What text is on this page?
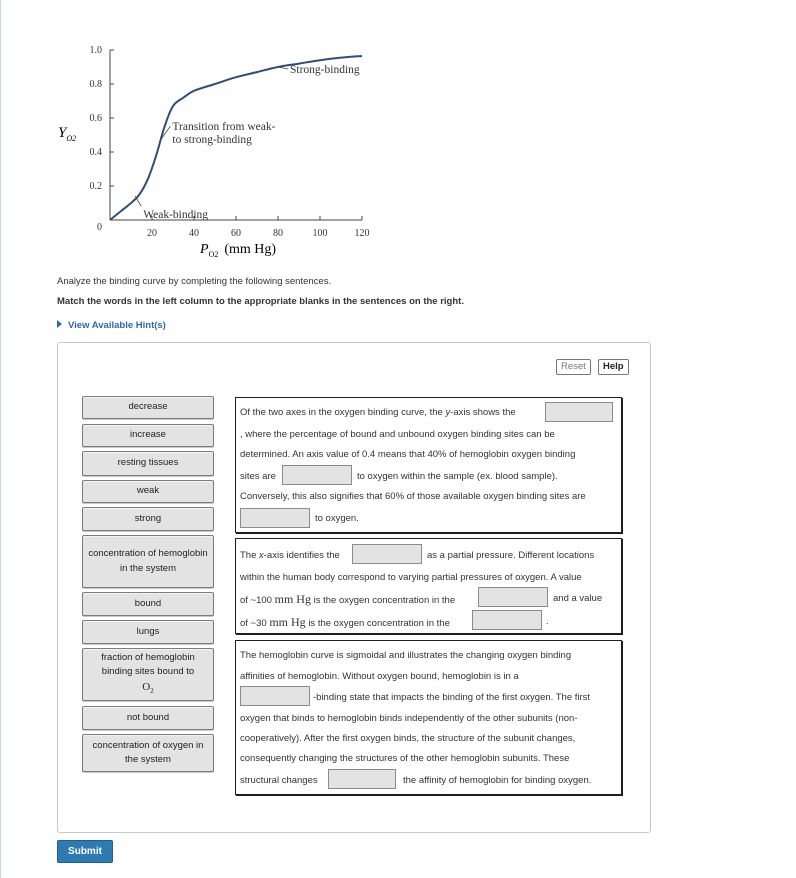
0.2
0.4
0.6
0.8
1.0
20	40	60	80	100	120
0
Strong-binding
Transition from weak-
to strong-binding
Weak-binding
$Y_{O2}$
$P_{O2}$ (mm Hg)
Analyze the binding curve by completing the following sentences.
Match the words in the left column to the appropriate blanks in the sentences on the right.
View Available Hint(s)
Reset	Help
decrease
increase
resting tissues
weak
strong
concentration of hemoglobin in the system
bound
lungs
fraction of hemoglobin binding sites bound to
$O_2$
not bound
concentration of oxygen in the system
Of the two axes in the oxygen binding curve, the y-axis shows the
, where the percentage of bound and unbound oxygen binding sites can be
determined. An axis value of 0.4 means that 40% of hemoglobin oxygen binding
sites are	to oxygen within the sample (ex. blood sample).
Conversely, this also signifies that 60% of those available oxygen binding sites are
to oxygen.
The x-axis identifies the	as a partial pressure. Different locations
within the human body correspond to varying partial pressures of oxygen. A value
of ~100 mm Hg is the oxygen concentration in the	and a value
of ~30 mm Hg is the oxygen concentration in the	.
The hemoglobin curve is sigmoidal and illustrates the changing oxygen binding
affinities of hemoglobin. Without oxygen bound, hemoglobin is in a
-binding state that impacts the binding of the first oxygen. The first
oxygen that binds to hemoglobin binds independently of the other subunits (non-
cooperatively). After the first oxygen binds, the structure of the subunit changes,
consequently changing the structures of the other hemoglobin subunits. These
structural changes	the affinity of hemoglobin for binding oxygen.
Submit
